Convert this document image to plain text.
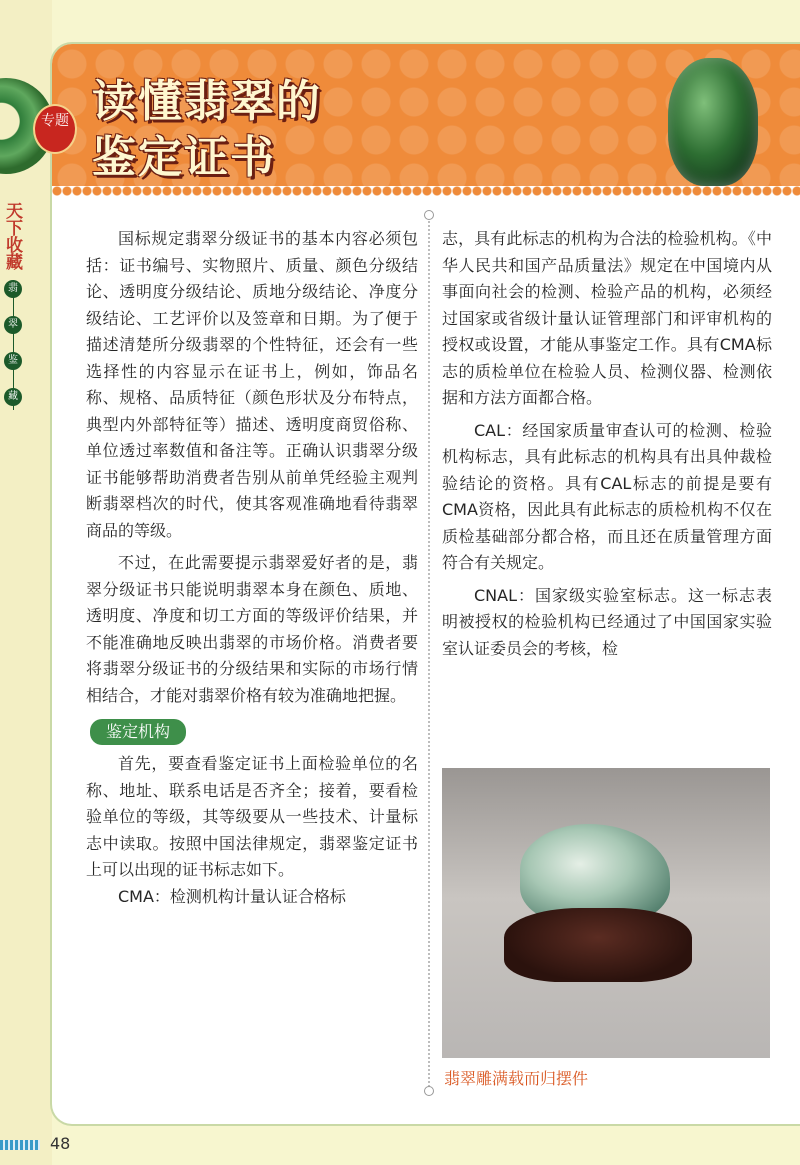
天下收藏
翡
翠
鉴
藏
专题 读懂翡翠的
鉴定证书

国标规定翡翠分级证书的基本内容必须包括：证书编号、实物照片、质量、颜色分级结论、透明度分级结论、质地分级结论、净度分级结论、工艺评价以及签章和日期。为了便于描述清楚所分级翡翠的个性特征，还会有一些选择性的内容显示在证书上，例如，饰品名称、规格、品质特征（颜色形状及分布特点，典型内外部特征等）描述、透明度商贸俗称、单位透过率数值和备注等。正确认识翡翠分级证书能够帮助消费者告别从前单凭经验主观判断翡翠档次的时代，使其客观准确地看待翡翠商品的等级。

不过，在此需要提示翡翠爱好者的是，翡翠分级证书只能说明翡翠本身在颜色、质地、透明度、净度和切工方面的等级评价结果，并不能准确地反映出翡翠的市场价格。消费者要将翡翠分级证书的分级结果和实际的市场行情相结合，才能对翡翠价格有较为准确地把握。

鉴定机构

首先，要查看鉴定证书上面检验单位的名称、地址、联系电话是否齐全；接着，要看检验单位的等级，其等级要从一些技术、计量标志中读取。按照中国法律规定，翡翠鉴定证书上可以出现的证书标志如下。

CMA：检测机构计量认证合格标

志，具有此标志的机构为合法的检验机构。《中华人民共和国产品质量法》规定在中国境内从事面向社会的检测、检验产品的机构，必须经过国家或省级计量认证管理部门和评审机构的授权或设置，才能从事鉴定工作。具有CMA标志的质检单位在检验人员、检测仪器、检测依据和方法方面都合格。

CAL：经国家质量审查认可的检测、检验机构标志，具有此标志的机构具有出具仲裁检验结论的资格。具有CAL标志的前提是要有CMA资格，因此具有此标志的质检机构不仅在质检基础部分都合格，而且还在质量管理方面符合有关规定。

CNAL：国家级实验室标志。这一标志表明被授权的检验机构已经通过了中国国家实验室认证委员会的考核，检

翡翠雕满载而归摆件
48
